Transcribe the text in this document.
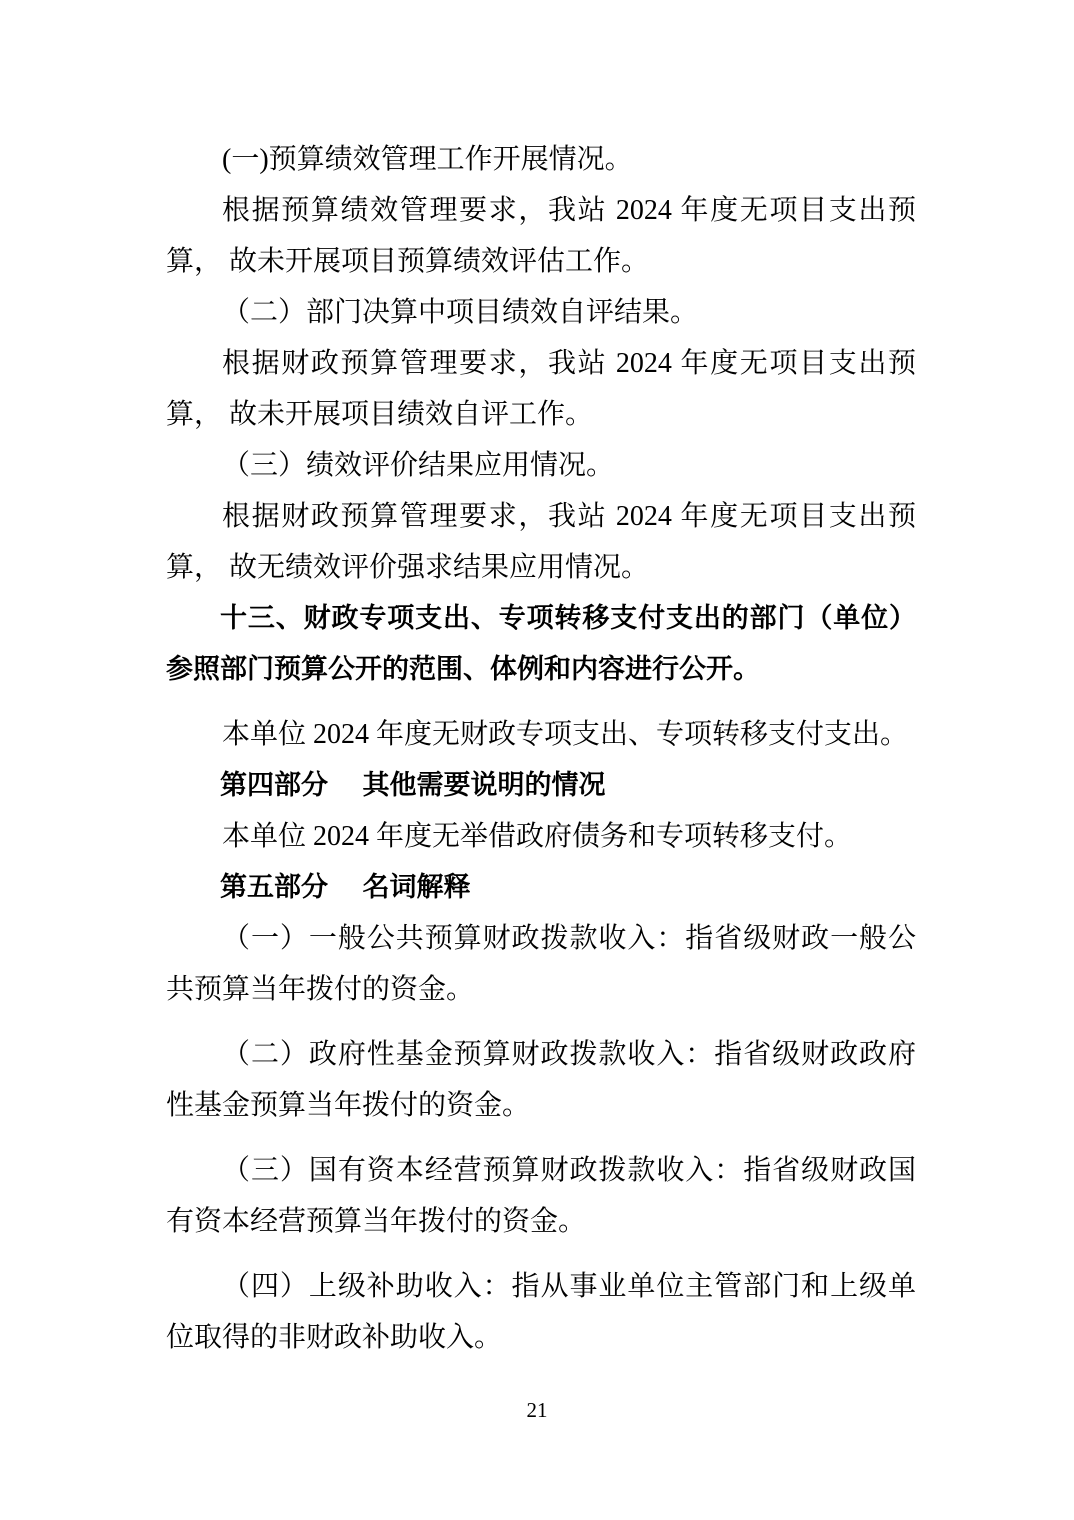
(一)预算绩效管理工作开展情况。

根据预算绩效管理要求，我站 2024 年度无项目支出预算， 故未开展项目预算绩效评估工作。

（二）部门决算中项目绩效自评结果。

根据财政预算管理要求，我站 2024 年度无项目支出预算， 故未开展项目绩效自评工作。

（三）绩效评价结果应用情况。

根据财政预算管理要求，我站 2024 年度无项目支出预算， 故无绩效评价强求结果应用情况。

十三、财政专项支出、专项转移支付支出的部门（单位）参照部门预算公开的范围、体例和内容进行公开。

本单位 2024 年度无财政专项支出、专项转移支付支出。

第四部分　 其他需要说明的情况

本单位 2024 年度无举借政府债务和专项转移支付。

第五部分　 名词解释

（一）一般公共预算财政拨款收入：指省级财政一般公共预算当年拨付的资金。

（二）政府性基金预算财政拨款收入：指省级财政政府性基金预算当年拨付的资金。

（三）国有资本经营预算财政拨款收入：指省级财政国有资本经营预算当年拨付的资金。

（四）上级补助收入：指从事业单位主管部门和上级单位取得的非财政补助收入。

21
